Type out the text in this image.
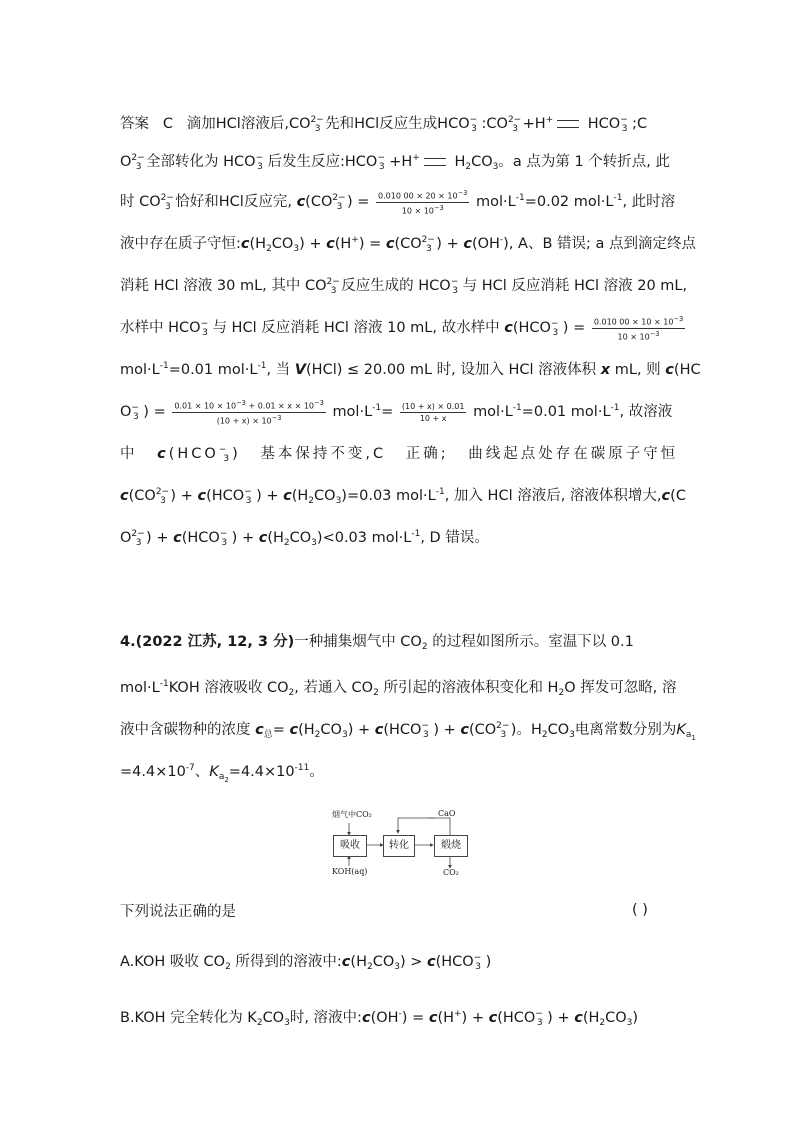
答案 C 滴加HCl溶液后$,CO^{2-}_3$ 先和HCl反应生成$HCO^-_3$ $:CO^{2-}_3 +H^+$ $HCO^-_3$ ;C
$O^{2-}_3$ 全部转化为 $HCO^-_3$ 后发生反应$:HCO^-_3 +H^+$ $H_2CO_3$。a 点为第 1 个转折点, 此
时 $CO^{2-}_3$ 恰好和HCl反应完, $c(CO^{2-}_3$ ) = $\frac{0.010 00 \times 20 \times 10^{-3}}{10 \times 10^{-3}} mol\cdot L^{-1}=0.02$ $mol\cdot L^{-1}$, 此时溶
液中存在质子守恒$:c(H_2CO_3) + c(H^+) = c(CO^{2-}_3$ ) + c(OH-), A、B 错误; a 点到滴定终点
消耗 HCl 溶液 30 mL, 其中 $CO^{2-}_3$ 反应生成的 $HCO^-_3$ 与 HCl 反应消耗 HCl 溶液 20 mL,
水样中 $HCO^-_3$ 与 HCl 反应消耗 HCl 溶液 10 mL, 故水样中 $c(HCO^-_3$ ) = $\frac{0.010 00 \times 10 \times 10^{-3}}{10 \times 10^{-3}}$
$mol\cdot L^{-1}=0.01$ $mol\cdot L^{-1}$, 当 V(HCl) ≤ 20.00 mL 时, 设加入 HCl 溶液体积 x mL, 则 c(HC
$O^-_3$ ) = $\frac{0.01 \times 10 \times 10^{-3} + 0.01 \times x \times 10^{-3}}{(10 + x) \times 10^{-3}} mol\cdot L^{-1}= \frac{(10 + x) \times 0.01}{10 + x} mol\cdot L^{-1}=0.01$ $mol\cdot L^{-1}$, 故溶液
中 $c(HCO^-_3)$ 基本保持不变,C 正确; 曲线起点处存在碳原子守恒
$c(CO^{2-}_3$ ) + $c(HCO^-_3$ ) + $c(H_2CO_3)=0.03$ $mol\cdot L^{-1}$, 加入 HCl 溶液后, 溶液体积增大,c(C
$O^{2-}_3$ ) + $c(HCO^-_3$ ) + $c(H_2CO_3)<0.03$ $mol\cdot L^{-1}$, D 错误。
4.(2022 江苏, 12, 3 分)一种捕集烟气中 $CO_2$ 的过程如图所示。室温下以 0.1
$mol\cdot L^{-1}KOH$ 溶液吸收 $CO_2$, 若通入 $CO_2$ 所引起的溶液体积变化和 $H_2O$ 挥发可忽略, 溶
液中含碳物种的浓度 $c_总= c(H_2CO_3) + c(HCO^-_3$ ) + $c(CO^{2-}_3$ )。$H_2CO_3$电离常数分别为$K_{a_1}$
$=4.4\times 10^{-7}$、$K_{a_2}=4.4\times 10^{-11}$。
烟气中CO₂	CaO
吸收	转化	煅烧
KOH(aq)	CO₂
下列说法正确的是	( )
A.KOH 吸收 $CO_2$ 所得到的溶液中$:c(H_2CO_3) > c(HCO^-_3$ )
B.KOH 完全转化为 $K_2CO_3$时, 溶液中:c(OH-) = $c(H^+) + c(HCO^-_3$ ) + $c(H_2CO_3)$
